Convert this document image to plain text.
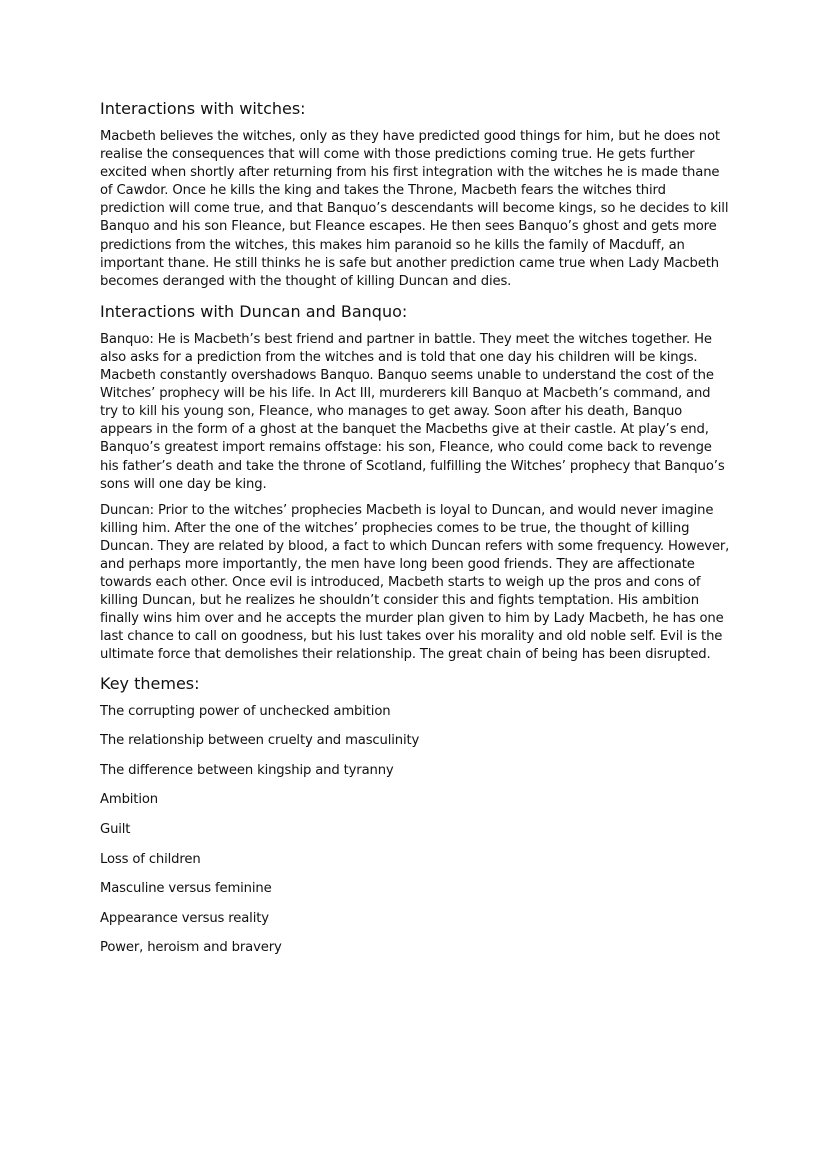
Interactions with witches:

Macbeth believes the witches, only as they have predicted good things for him, but he does not realise the consequences that will come with those predictions coming true. He gets further excited when shortly after returning from his first integration with the witches he is made thane of Cawdor. Once he kills the king and takes the Throne, Macbeth fears the witches third prediction will come true, and that Banquo’s descendants will become kings, so he decides to kill Banquo and his son Fleance, but Fleance escapes. He then sees Banquo’s ghost and gets more predictions from the witches, this makes him paranoid so he kills the family of Macduff, an important thane. He still thinks he is safe but another prediction came true when Lady Macbeth becomes deranged with the thought of killing Duncan and dies.

Interactions with Duncan and Banquo:

Banquo: He is Macbeth’s best friend and partner in battle. They meet the witches together. He also asks for a prediction from the witches and is told that one day his children will be kings. Macbeth constantly overshadows Banquo. Banquo seems unable to understand the cost of the Witches’ prophecy will be his life. In Act III, murderers kill Banquo at Macbeth’s command, and try to kill his young son, Fleance, who manages to get away. Soon after his death, Banquo appears in the form of a ghost at the banquet the Macbeths give at their castle. At play’s end, Banquo’s greatest import remains offstage: his son, Fleance, who could come back to revenge his father’s death and take the throne of Scotland, fulfilling the Witches’ prophecy that Banquo’s sons will one day be king.

Duncan: Prior to the witches’ prophecies Macbeth is loyal to Duncan, and would never imagine killing him. After the one of the witches’ prophecies comes to be true, the thought of killing Duncan. They are related by blood, a fact to which Duncan refers with some frequency. However, and perhaps more importantly, the men have long been good friends. They are affectionate towards each other. Once evil is introduced, Macbeth starts to weigh up the pros and cons of killing Duncan, but he realizes he shouldn’t consider this and fights temptation. His ambition finally wins him over and he accepts the murder plan given to him by Lady Macbeth, he has one last chance to call on goodness, but his lust takes over his morality and old noble self. Evil is the ultimate force that demolishes their relationship. The great chain of being has been disrupted.

Key themes:
The corrupting power of unchecked ambition
The relationship between cruelty and masculinity
The difference between kingship and tyranny
Ambition
Guilt
Loss of children
Masculine versus feminine
Appearance versus reality
Power, heroism and bravery
